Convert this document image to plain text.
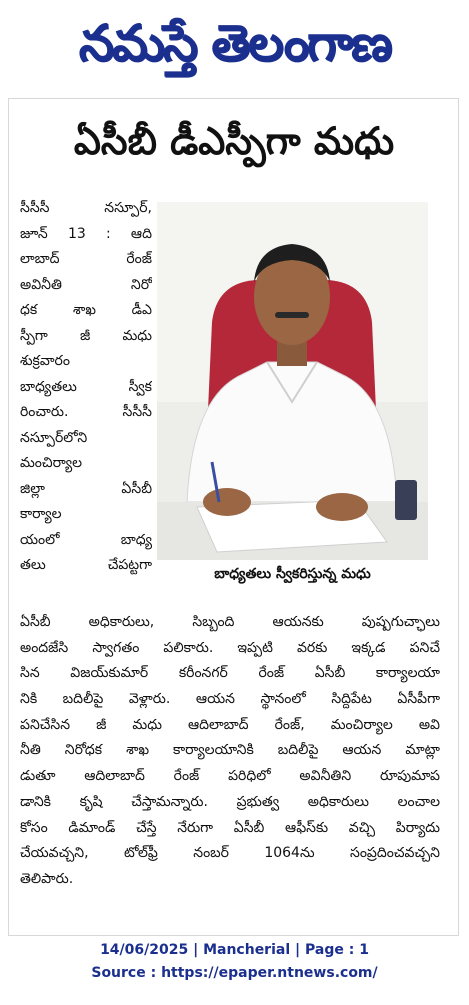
నమస్తే తెలంగాణ
ఏసీబీ డీఎస్పీగా మధు
సీసీసీ నస్పూర్,
జూన్ 13 : ఆది
లాబాద్ రేంజ్
అవినీతి నిరో
ధక శాఖ డీఎ
స్పీగా జీ మధు
శుక్రవారం
బాధ్యతలు స్వీక
రించారు. సీసీసీ
నస్పూర్‌లోని
మంచిర్యాల
జిల్లా ఏసీబీ
కార్యాల
యంలో బాధ్య
తలు చేపట్టగా
బాధ్యతలు స్వీకరిస్తున్న మధు
ఏసీబీ అధికారులు, సిబ్బంది ఆయనకు పుష్పగుచ్ఛాలు
అందజేసి స్వాగతం పలికారు. ఇప్పటి వరకు ఇక్కడ పనిచే
సిన విజయ్‌కుమార్ కరీంనగర్ రేంజ్ ఏసీబీ కార్యాలయా
నికి బదిలీపై వెళ్లారు. ఆయన స్థానంలో సిద్దిపేట ఏసీపీగా
పనిచేసిన జీ మధు ఆదిలాబాద్ రేంజ్, మంచిర్యాల అవి
నీతి నిరోధక శాఖ కార్యాలయానికి బదిలీపై ఆయన మాట్లా
డుతూ ఆదిలాబాద్ రేంజ్ పరిధిలో అవినీతిని రూపుమాప
డానికి కృషి చేస్తామన్నారు. ప్రభుత్వ అధికారులు లంచాల
కోసం డిమాండ్ చేస్తే నేరుగా ఏసీబీ ఆఫీస్‌కు వచ్చి పిర్యాదు
చేయవచ్చని, టోల్‌ఫ్రీ నంబర్ 1064ను సంప్రదించవచ్చని
తెలిపారు.
14/06/2025 | Mancherial | Page : 1
Source : https://epaper.ntnews.com/
